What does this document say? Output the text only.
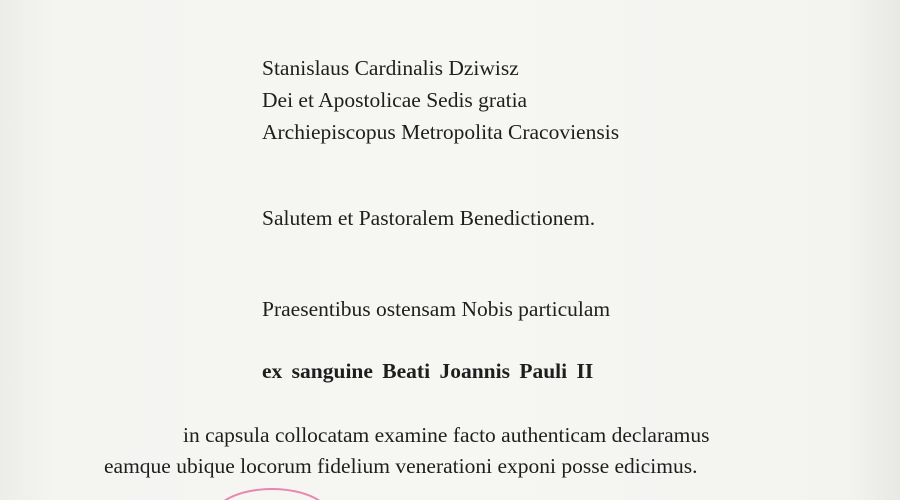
Stanislaus Cardinalis Dziwisz
Dei et Apostolicae Sedis gratia
Archiepiscopus Metropolita Cracoviensis
Salutem et Pastoralem Benedictionem.
Praesentibus ostensam Nobis particulam
ex sanguine Beati Joannis Pauli II
in capsula collocatam examine facto authenticam declaramus
eamque ubique locorum fidelium venerationi exponi posse edicimus.
